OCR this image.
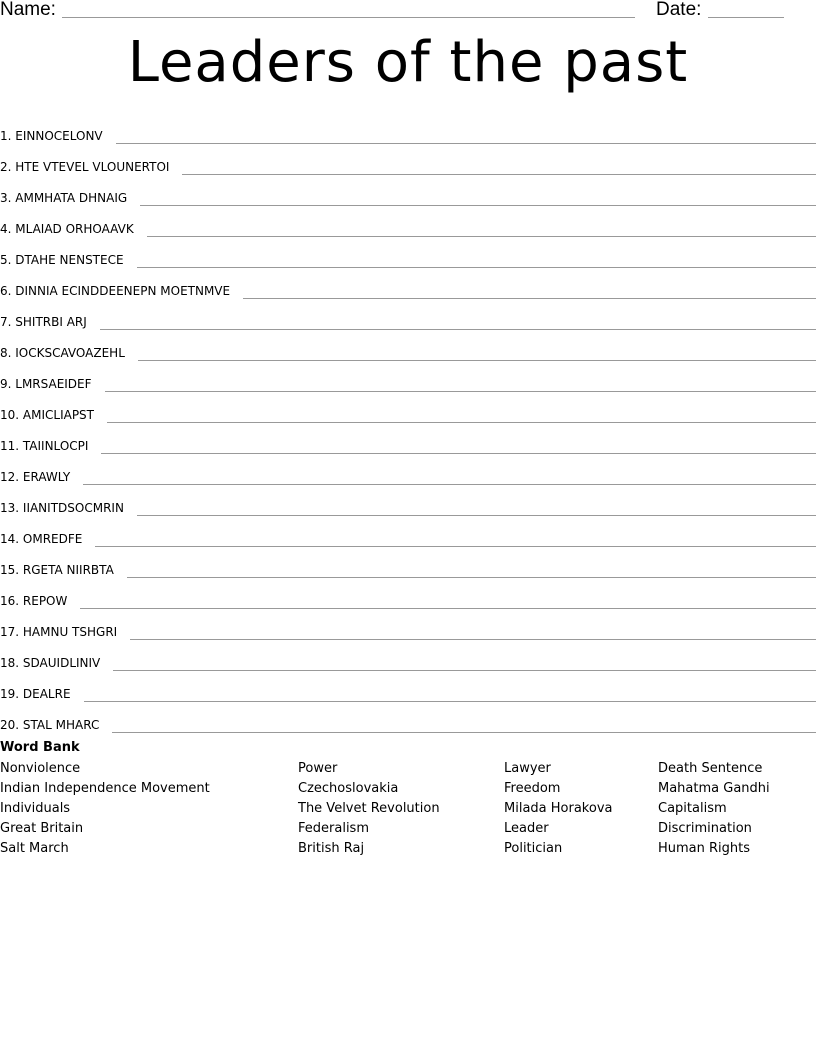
Name:	Date:
Leaders of the past
1. EINNOCELONV
2. HTE VTEVEL VLOUNERTOI
3. AMMHATA DHNAIG
4. MLAIAD ORHOAAVK
5. DTAHE NENSTECE
6. DINNIA ECINDDEENEPN MOETNMVE
7. SHITRBI ARJ
8. IOCKSCAVOAZEHL
9. LMRSAEIDEF
10. AMICLIAPST
11. TAIINLOCPI
12. ERAWLY
13. IIANITDSOCMRIN
14. OMREDFE
15. RGETA NIIRBTA
16. REPOW
17. HAMNU TSHGRI
18. SDAUIDLINIV
19. DEALRE
20. STAL MHARC
Word Bank
Nonviolence
Indian Independence Movement
Individuals
Great Britain
Salt March
Power
Czechoslovakia
The Velvet Revolution
Federalism
British Raj
Lawyer
Freedom
Milada Horakova
Leader
Politician
Death Sentence
Mahatma Gandhi
Capitalism
Discrimination
Human Rights
